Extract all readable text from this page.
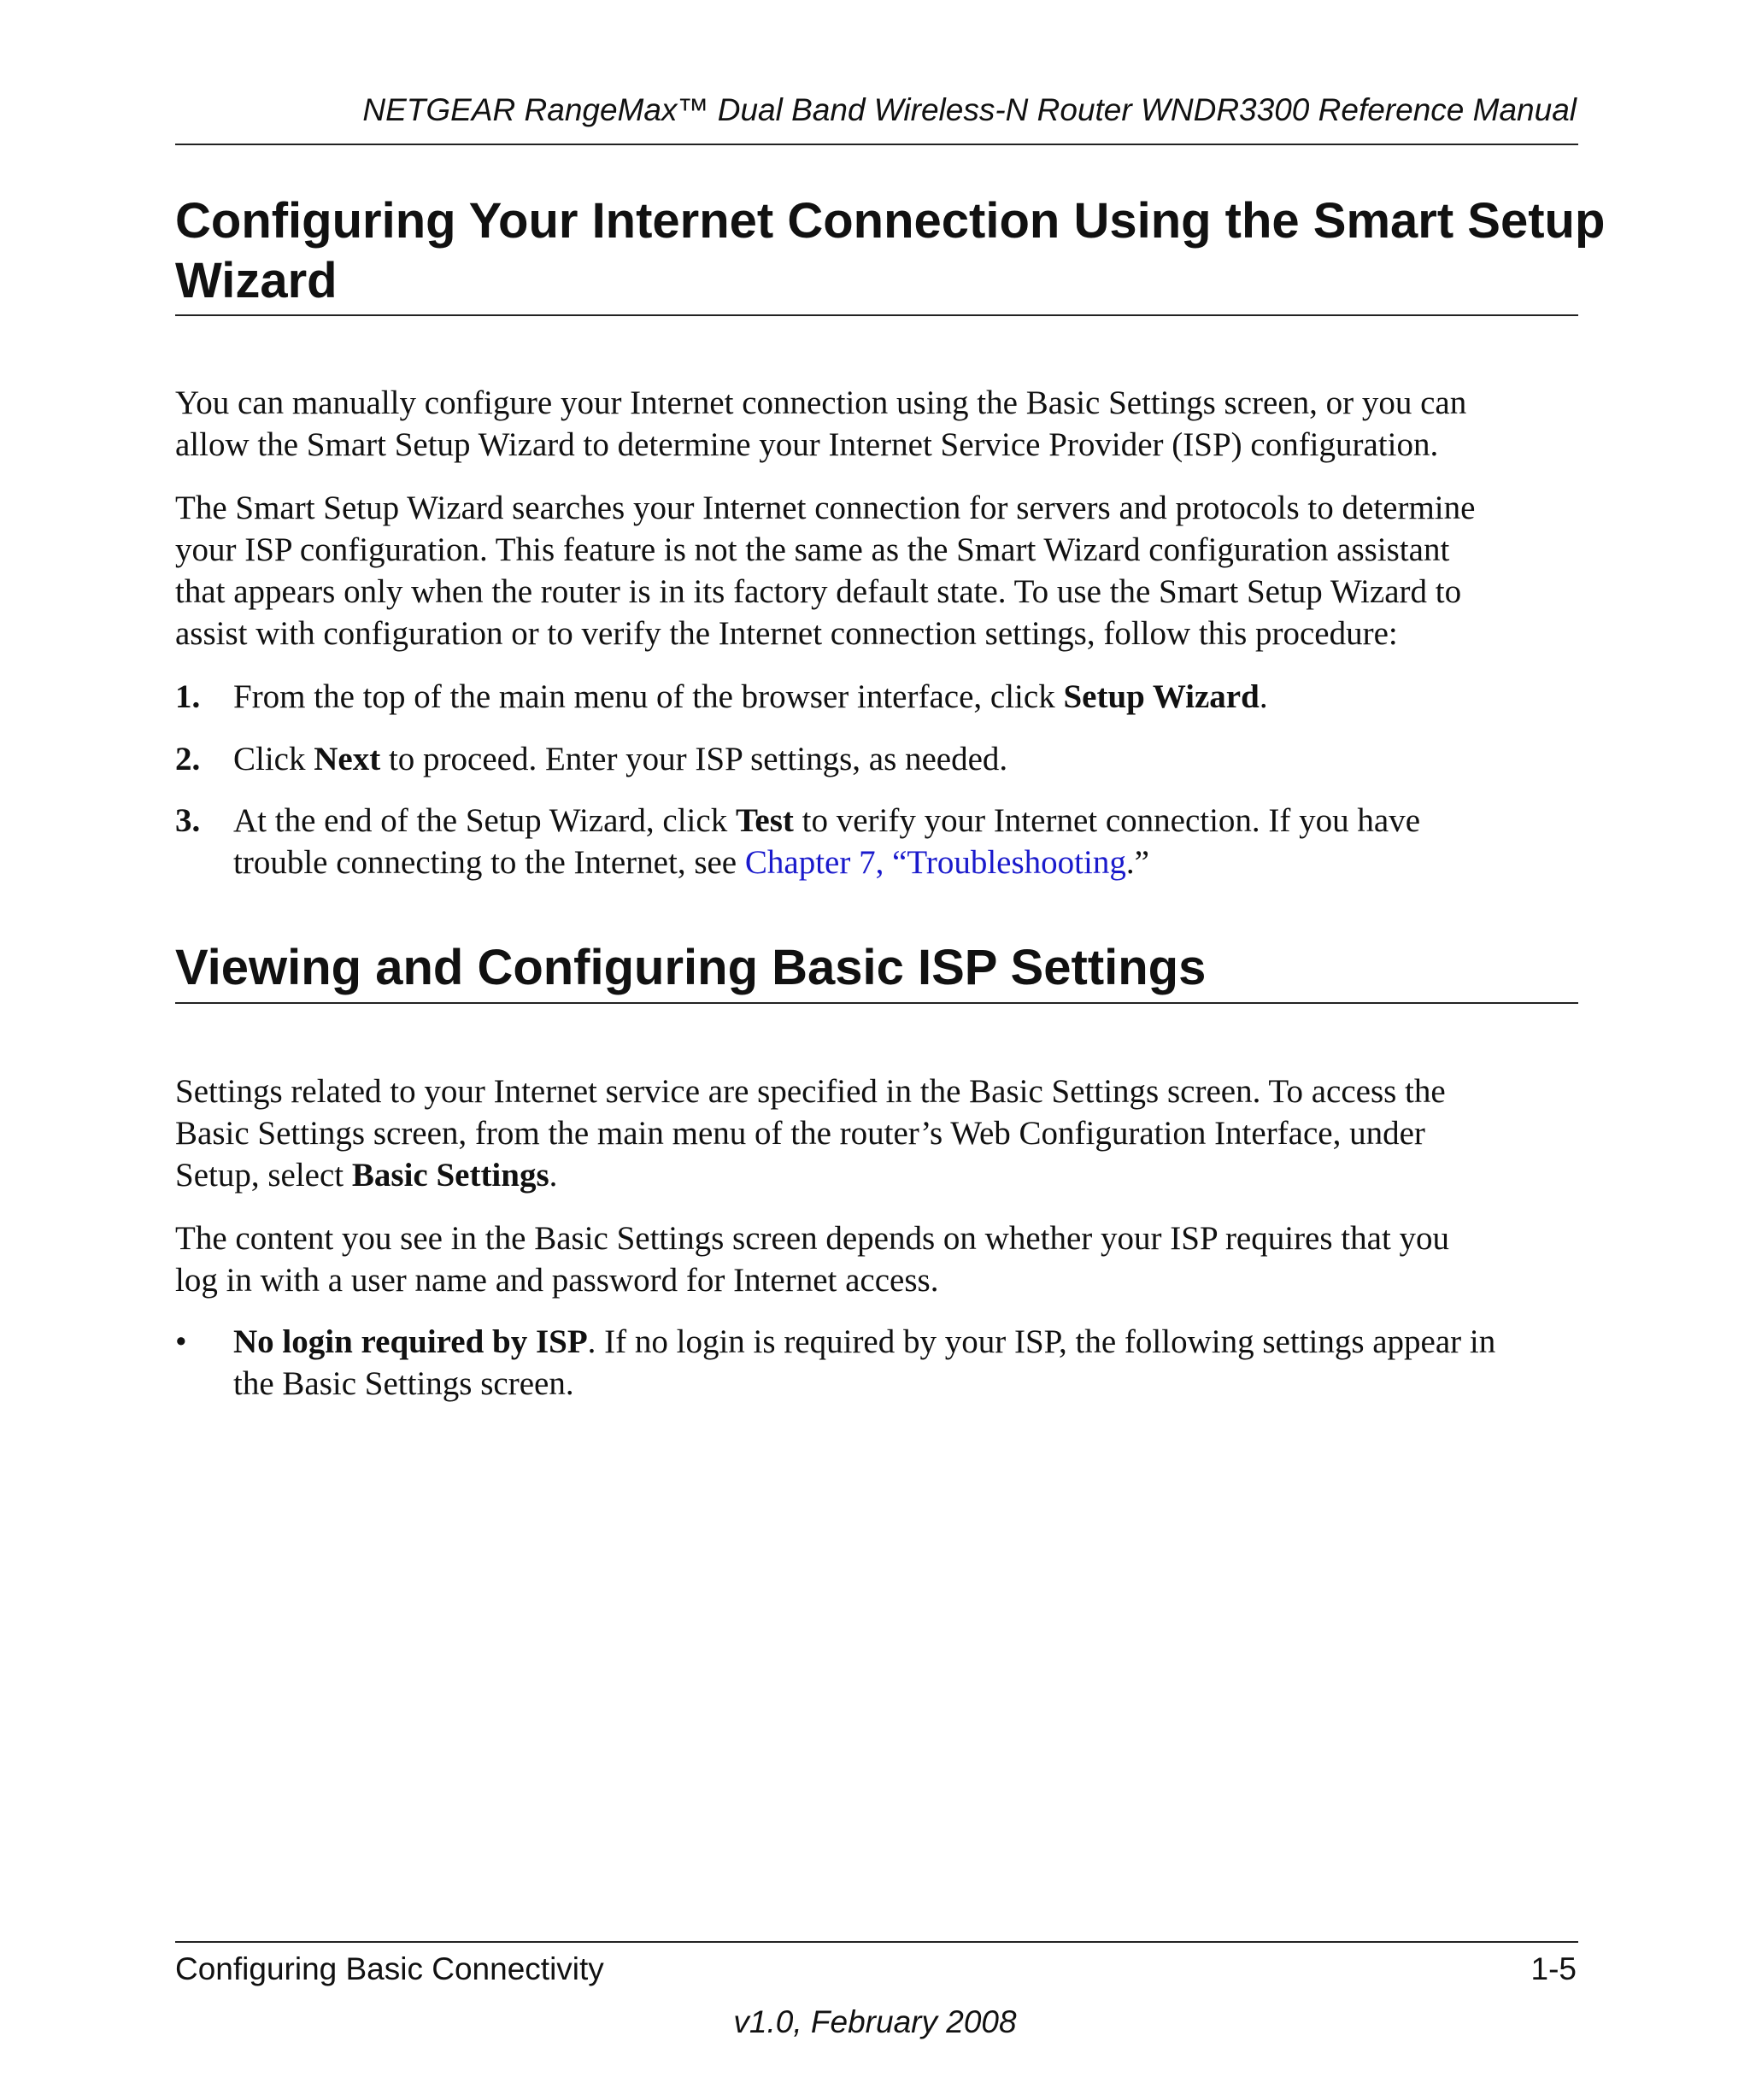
NETGEAR RangeMax™ Dual Band Wireless-N Router WNDR3300 Reference Manual
Configuring Your Internet Connection Using the Smart Setup
Wizard

You can manually configure your Internet connection using the Basic Settings screen, or you can
allow the Smart Setup Wizard to determine your Internet Service Provider (ISP) configuration.

The Smart Setup Wizard searches your Internet connection for servers and protocols to determine
your ISP configuration. This feature is not the same as the Smart Wizard configuration assistant
that appears only when the router is in its factory default state. To use the Smart Setup Wizard to
assist with configuration or to verify the Internet connection settings, follow this procedure:

1. From the top of the main menu of the browser interface, click Setup Wizard.
2. Click Next to proceed. Enter your ISP settings, as needed.
3. At the end of the Setup Wizard, click Test to verify your Internet connection. If you have
trouble connecting to the Internet, see Chapter 7, “Troubleshooting.”
Viewing and Configuring Basic ISP Settings

Settings related to your Internet service are specified in the Basic Settings screen. To access the
Basic Settings screen, from the main menu of the router’s Web Configuration Interface, under
Setup, select Basic Settings.

The content you see in the Basic Settings screen depends on whether your ISP requires that you
log in with a user name and password for Internet access.

• No login required by ISP. If no login is required by your ISP, the following settings appear in
the Basic Settings screen.
Configuring Basic Connectivity	1-5
v1.0, February 2008
